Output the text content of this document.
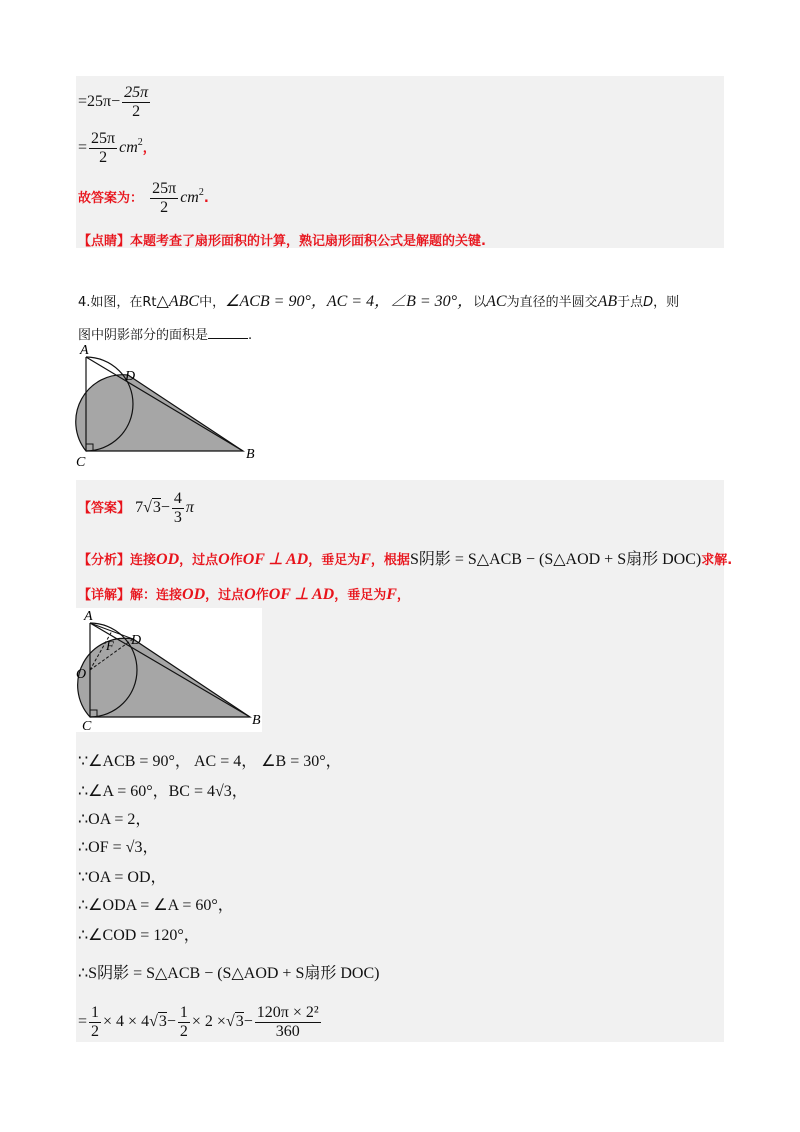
$=25\pi- \frac{25\pi}{2}$
= $\frac{25\pi}{2} cm^2$，
故答案为： $\frac{25\pi}{2} cm^2$.
【点睛】本题考查了扇形面积的计算，熟记扇形面积公式是解题的关键.
4.如图，在Rt△ABC中，∠ACB = 90°，AC = 4，∠B = 30°，以AC为直径的半圆交AB于点D，则
图中阴影部分的面积是	.
A
D
C
B
【答案】 $7√3- \frac{4}{3}$ π
【分析】连接OD，过点O作OF ⊥ AD，垂足为F，根据S阴影 = S△ACB − (S△AOD + S扇形 DOC)求解.
【详解】解：连接OD，过点O作OF ⊥ AD，垂足为F，
A
F D
O
C	B
∵∠ACB = 90°， AC = 4， ∠B = 30°，
∴∠A = 60°，BC = 4√3，
∴OA = 2，
∴OF = √3，
∵OA = OD，
∴∠ODA = ∠A = 60°，
∴∠COD = 120°，
∴S阴影 = S△ACB − (S△AOD + S扇形 DOC)
= $\frac{1}{2} \times 4 \times 4√3- \frac{1}{2} \times 2 \times√3- \frac{\text{120π × 2²}}{360}$
